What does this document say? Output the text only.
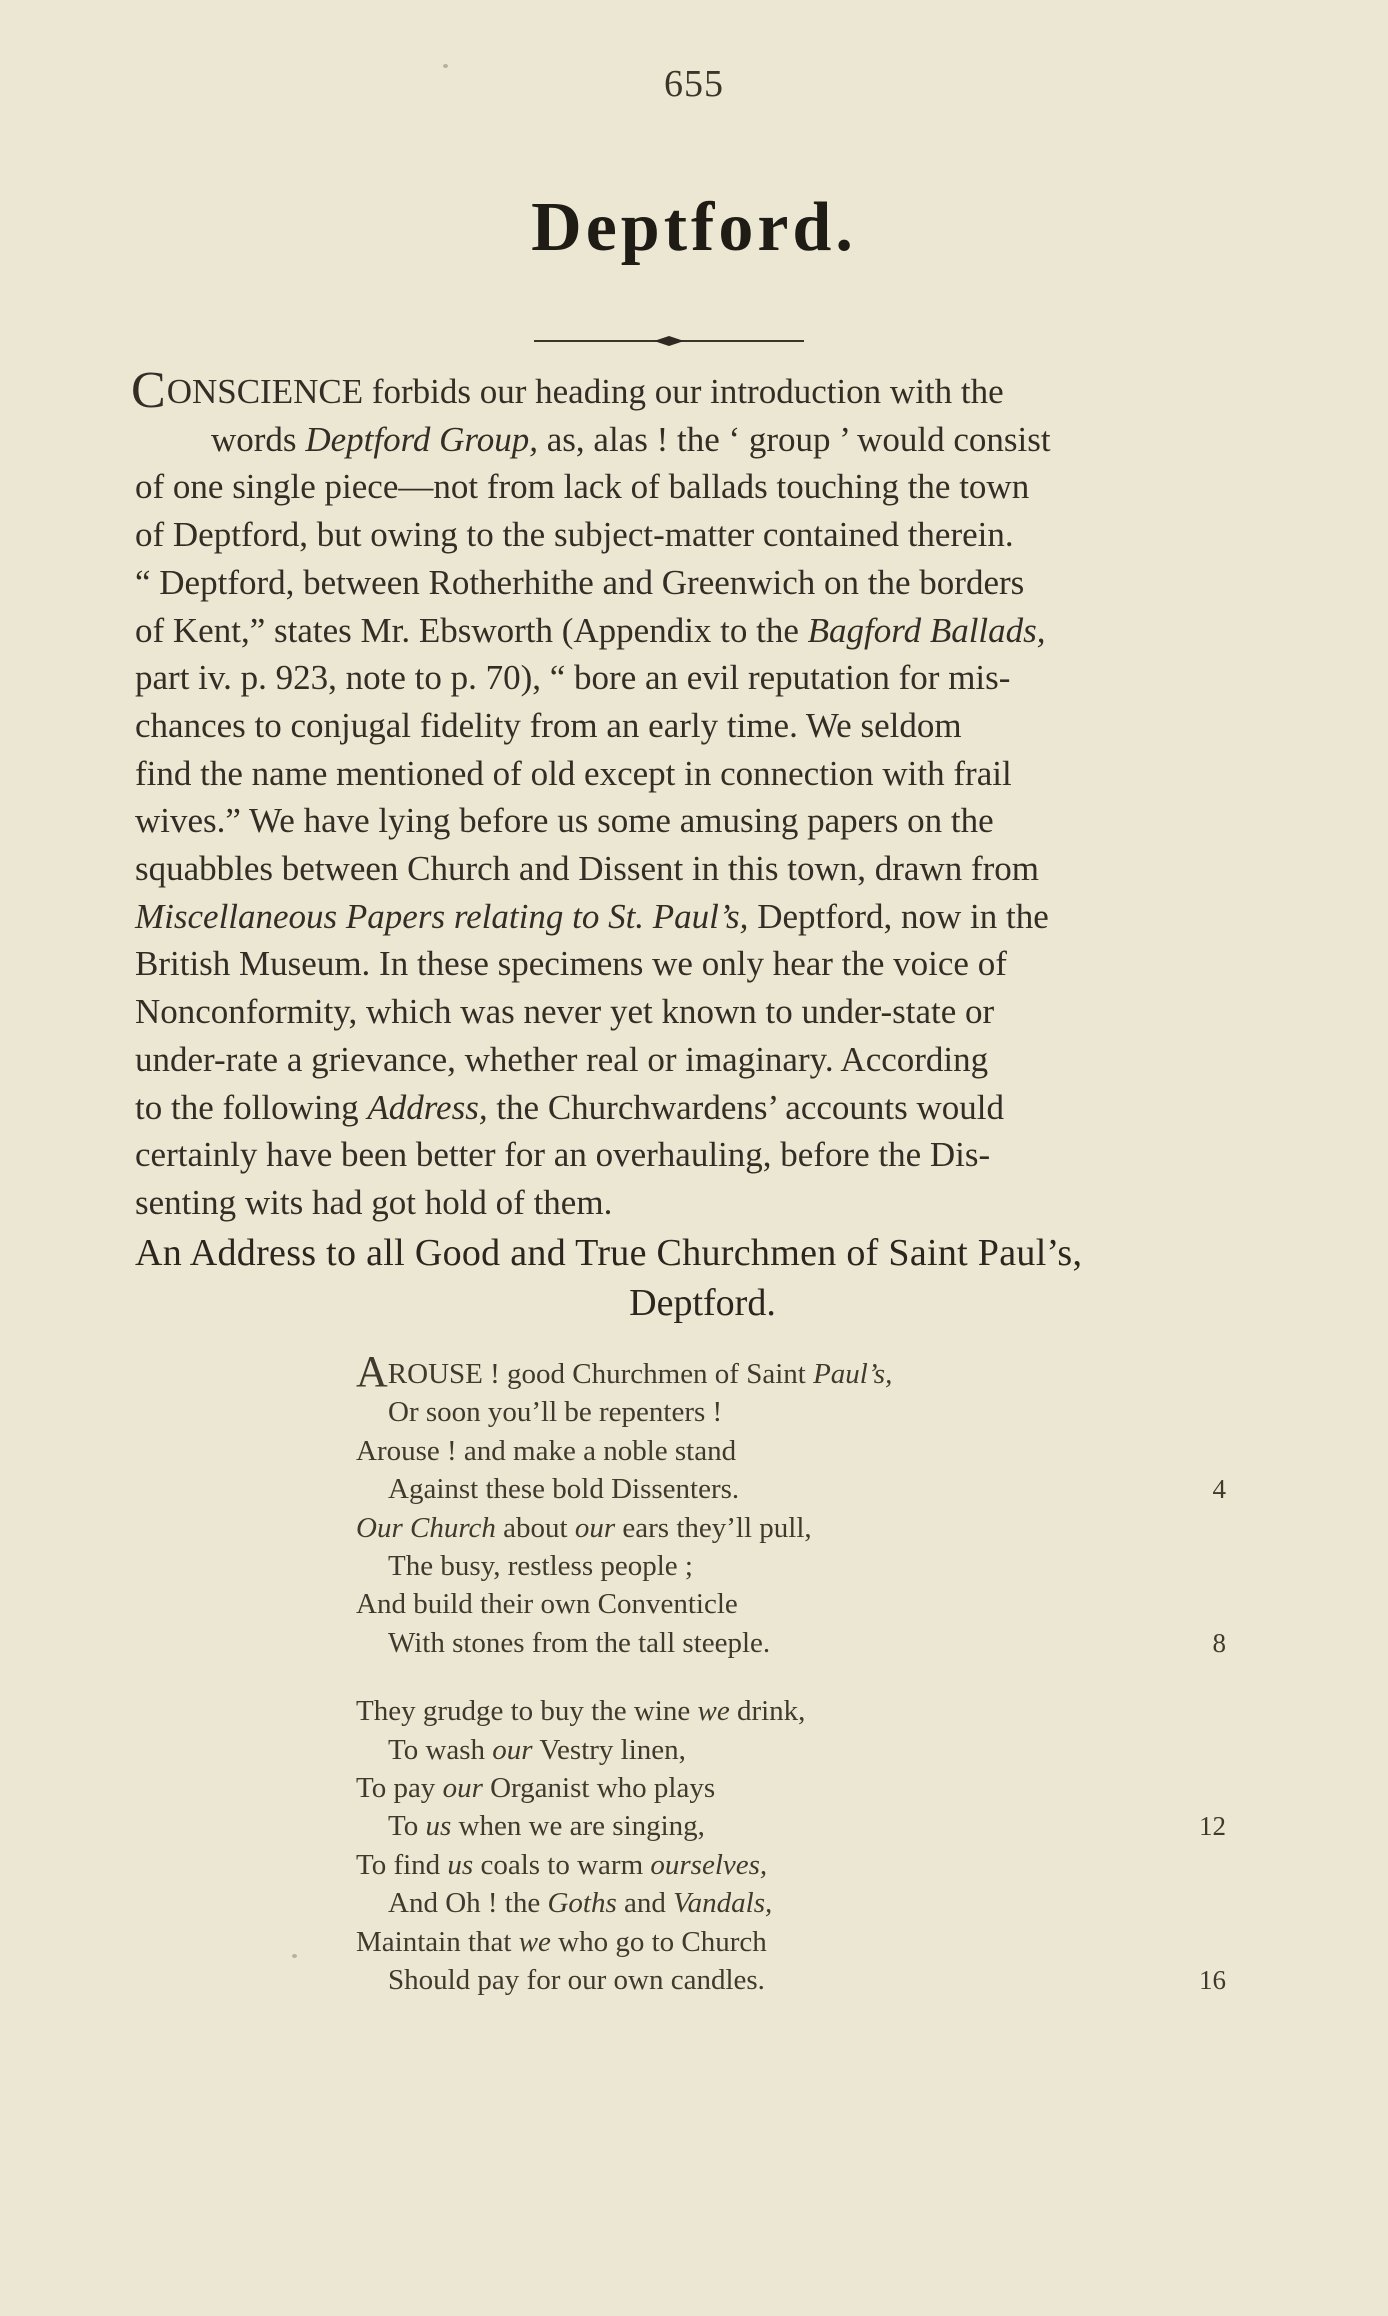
655
Deptford.

CONSCIENCE forbids our heading our introduction with the

words Deptford Group, as, alas ! the ‘ group ’ would consist

of one single piece—not from lack of ballads touching the town

of Deptford, but owing to the subject-matter contained therein.

“ Deptford, between Rotherhithe and Greenwich on the borders

of Kent,” states Mr. Ebsworth (Appendix to the Bagford Ballads,

part iv. p. 923, note to p. 70), “ bore an evil reputation for mis-

chances to conjugal fidelity from an early time. We seldom

find the name mentioned of old except in connection with frail

wives.” We have lying before us some amusing papers on the

squabbles between Church and Dissent in this town, drawn from

Miscellaneous Papers relating to St. Paul’s, Deptford, now in the

British Museum. In these specimens we only hear the voice of

Nonconformity, which was never yet known to under-state or

under-rate a grievance, whether real or imaginary. According

to the following Address, the Churchwardens’ accounts would

certainly have been better for an overhauling, before the Dis-

senting wits had got hold of them.

An Address to all Good and True Churchmen of Saint Paul’s,

Deptford.

AROUSE ! good Churchmen of Saint Paul’s,
Or soon you’ll be repenters !
Arouse ! and make a noble stand
Against these bold Dissenters.	4
Our Church about our ears they’ll pull,
The busy, restless people ;
And build their own Conventicle
With stones from the tall steeple.	8
They grudge to buy the wine we drink,
To wash our Vestry linen,
To pay our Organist who plays
To us when we are singing,	12
To find us coals to warm ourselves,
And Oh ! the Goths and Vandals,
Maintain that we who go to Church
Should pay for our own candles.	16
